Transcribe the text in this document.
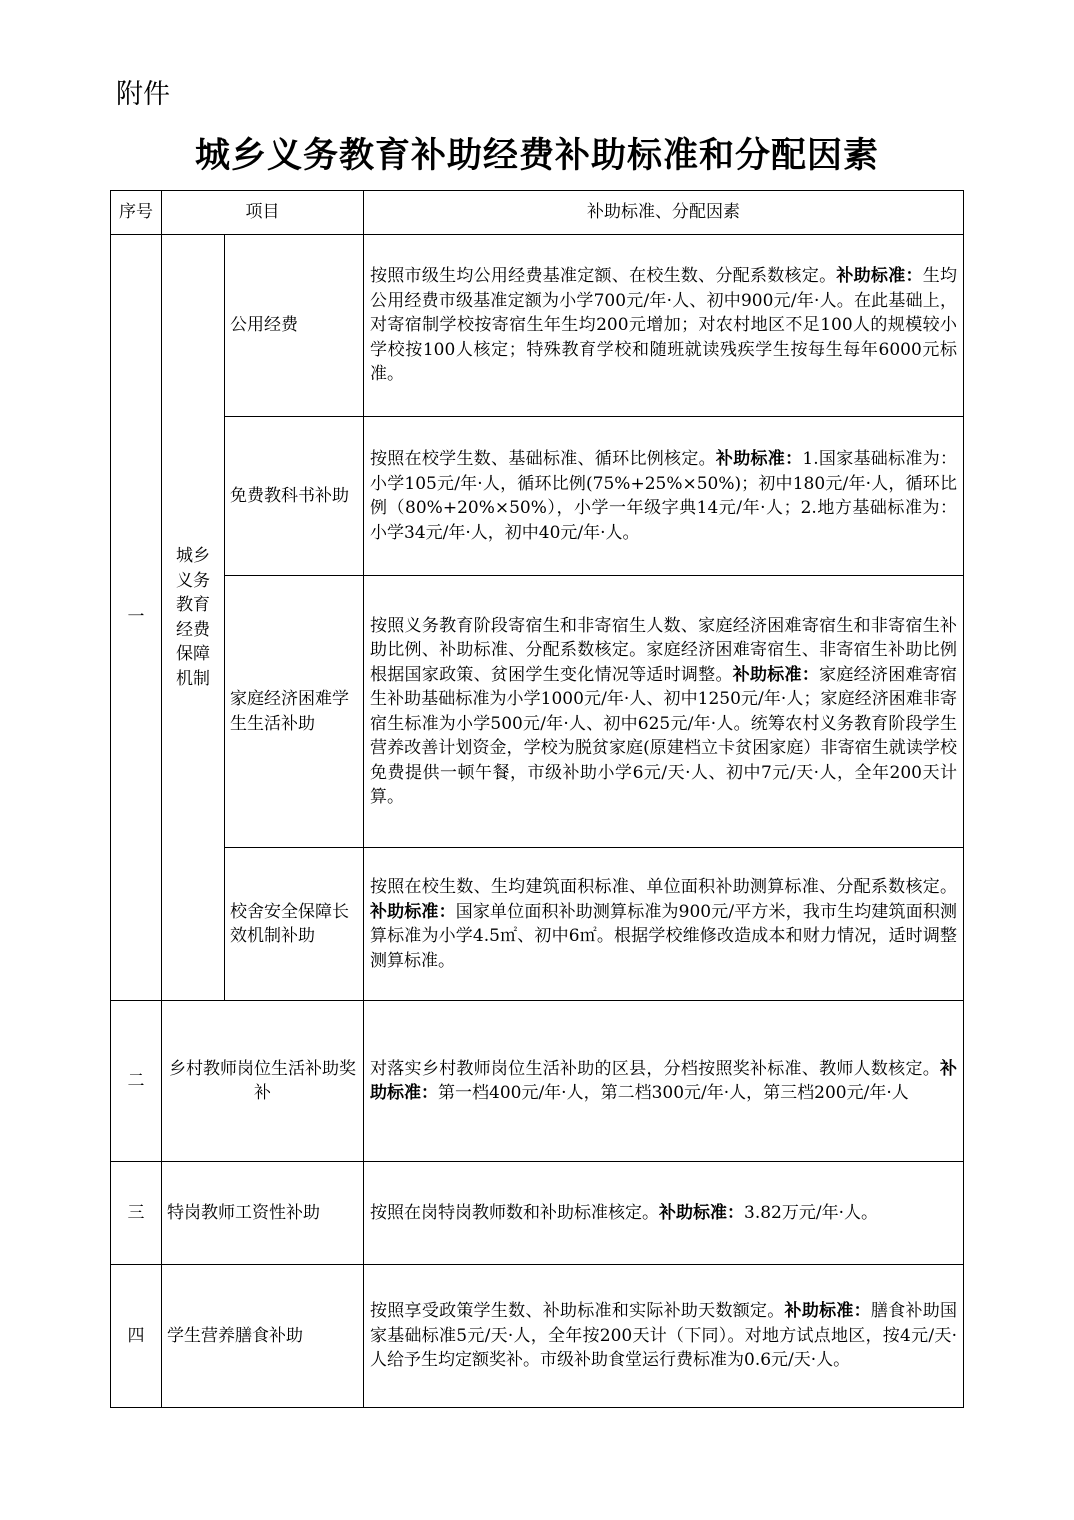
附件
城乡义务教育补助经费补助标准和分配因素
序号	项目		补助标准、分配因素
一	城乡义务教育经费保障机制	公用经费	按照市级生均公用经费基准定额、在校生数、分配系数核定。补助标准：生均公用经费市级基准定额为小学700元/年·人、初中900元/年·人。在此基础上，对寄宿制学校按寄宿生年生均200元增加；对农村地区不足100人的规模较小学校按100人核定；特殊教育学校和随班就读残疾学生按每生每年6000元标准。
		免费教科书补助	按照在校学生数、基础标准、循环比例核定。补助标准：1.国家基础标准为：小学105元/年·人，循环比例(75%+25%×50%)；初中180元/年·人，循环比例（80%+20%×50%），小学一年级字典14元/年·人；2.地方基础标准为：小学34元/年·人，初中40元/年·人。
		家庭经济困难学生生活补助	按照义务教育阶段寄宿生和非寄宿生人数、家庭经济困难寄宿生和非寄宿生补助比例、补助标准、分配系数核定。家庭经济困难寄宿生、非寄宿生补助比例根据国家政策、贫困学生变化情况等适时调整。补助标准：家庭经济困难寄宿生补助基础标准为小学1000元/年·人、初中1250元/年·人；家庭经济困难非寄宿生标准为小学500元/年·人、初中625元/年·人。统筹农村义务教育阶段学生营养改善计划资金，学校为脱贫家庭(原建档立卡贫困家庭）非寄宿生就读学校免费提供一顿午餐，市级补助小学6元/天·人、初中7元/天·人，全年200天计算。
		校舍安全保障长效机制补助	按照在校生数、生均建筑面积标准、单位面积补助测算标准、分配系数核定。补助标准：国家单位面积补助测算标准为900元/平方米，我市生均建筑面积测算标准为小学4.5㎡、初中6㎡。根据学校维修改造成本和财力情况，适时调整测算标准。
二	乡村教师岗位生活补助奖补		对落实乡村教师岗位生活补助的区县，分档按照奖补标准、教师人数核定。补助标准：第一档400元/年·人，第二档300元/年·人，第三档200元/年·人
三	特岗教师工资性补助		按照在岗特岗教师数和补助标准核定。补助标准：3.82万元/年·人。
四	学生营养膳食补助		按照享受政策学生数、补助标准和实际补助天数额定。补助标准：膳食补助国家基础标准5元/天·人，全年按200天计（下同）。对地方试点地区，按4元/天·人给予生均定额奖补。市级补助食堂运行费标准为0.6元/天·人。
